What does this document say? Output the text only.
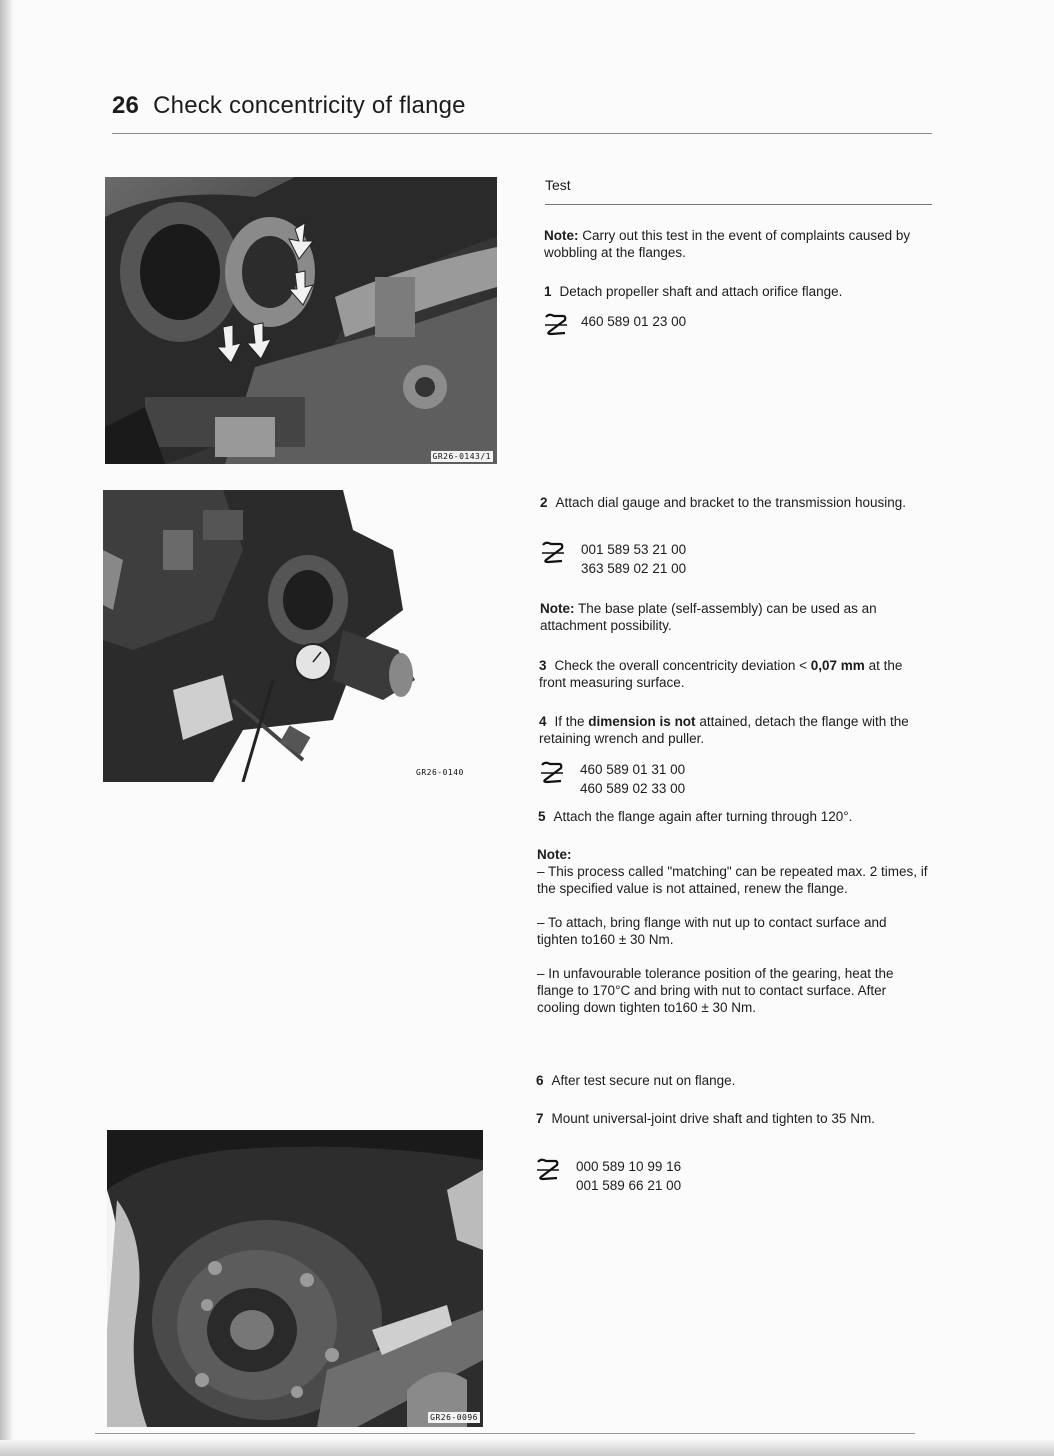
26 Check concentricity of flange
GR26-0143/1
GR26-0140
GR26-0096
Test

Note: Carry out this test in the event of complaints caused by wobbling at the flanges.

1 Detach propeller shaft and attach orifice flange.

460 589 01 23 00

2 Attach dial gauge and bracket to the transmission housing.

001 589 53 21 00
363 589 02 21 00

Note: The base plate (self-assembly) can be used as an attachment possibility.

3 Check the overall concentricity deviation < 0,07 mm at the front measuring surface.

4 If the dimension is not attained, detach the flange with the retaining wrench and puller.

460 589 01 31 00
460 589 02 33 00

5 Attach the flange again after turning through 120°.

Note:

– This process called "matching" can be repeated max. 2 times, if the specified value is not attained, renew the flange.

– To attach, bring flange with nut up to contact surface and tighten to160 ± 30 Nm.

– In unfavourable tolerance position of the gearing, heat the flange to 170°C and bring with nut to contact surface. After cooling down tighten to160 ± 30 Nm.

6 After test secure nut on flange.

7 Mount universal-joint drive shaft and tighten to 35 Nm.

000 589 10 99 16
001 589 66 21 00
